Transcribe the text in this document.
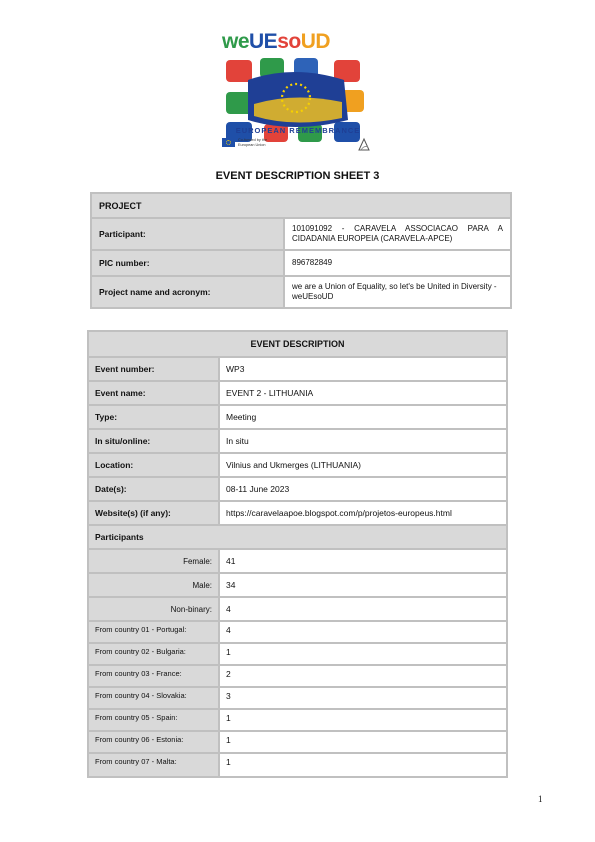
weUEsoUD
EUROPEAN REMEMBRANCE
Co-funded by the European Union
EVENT DESCRIPTION SHEET 3
PROJECT	
Participant:	101091092 - CARAVELA ASSOCIACAO PARA A CIDADANIA EUROPEIA (CARAVELA-APCE)
PIC number:	896782849
Project name and acronym:	we are a Union of Equality, so let's be United in Diversity - weUEsoUD
EVENT DESCRIPTION	
Event number:	WP3
Event name:	EVENT 2 - LITHUANIA
Type:	Meeting
In situ/online:	In situ
Location:	Vilnius and Ukmerges (LITHUANIA)
Date(s):	08-11 June 2023
Website(s) (if any):	https://caravelaapoe.blogspot.com/p/projetos-europeus.html
Participants	
Female:	41
Male:	34
Non-binary:	4
From country 01 - Portugal:	4
From country 02 - Bulgaria:	1
From country 03 - France:	2
From country 04 - Slovakia:	3
From country 05 - Spain:	1
From country 06 - Estonia:	1
From country 07 - Malta:	1
1
